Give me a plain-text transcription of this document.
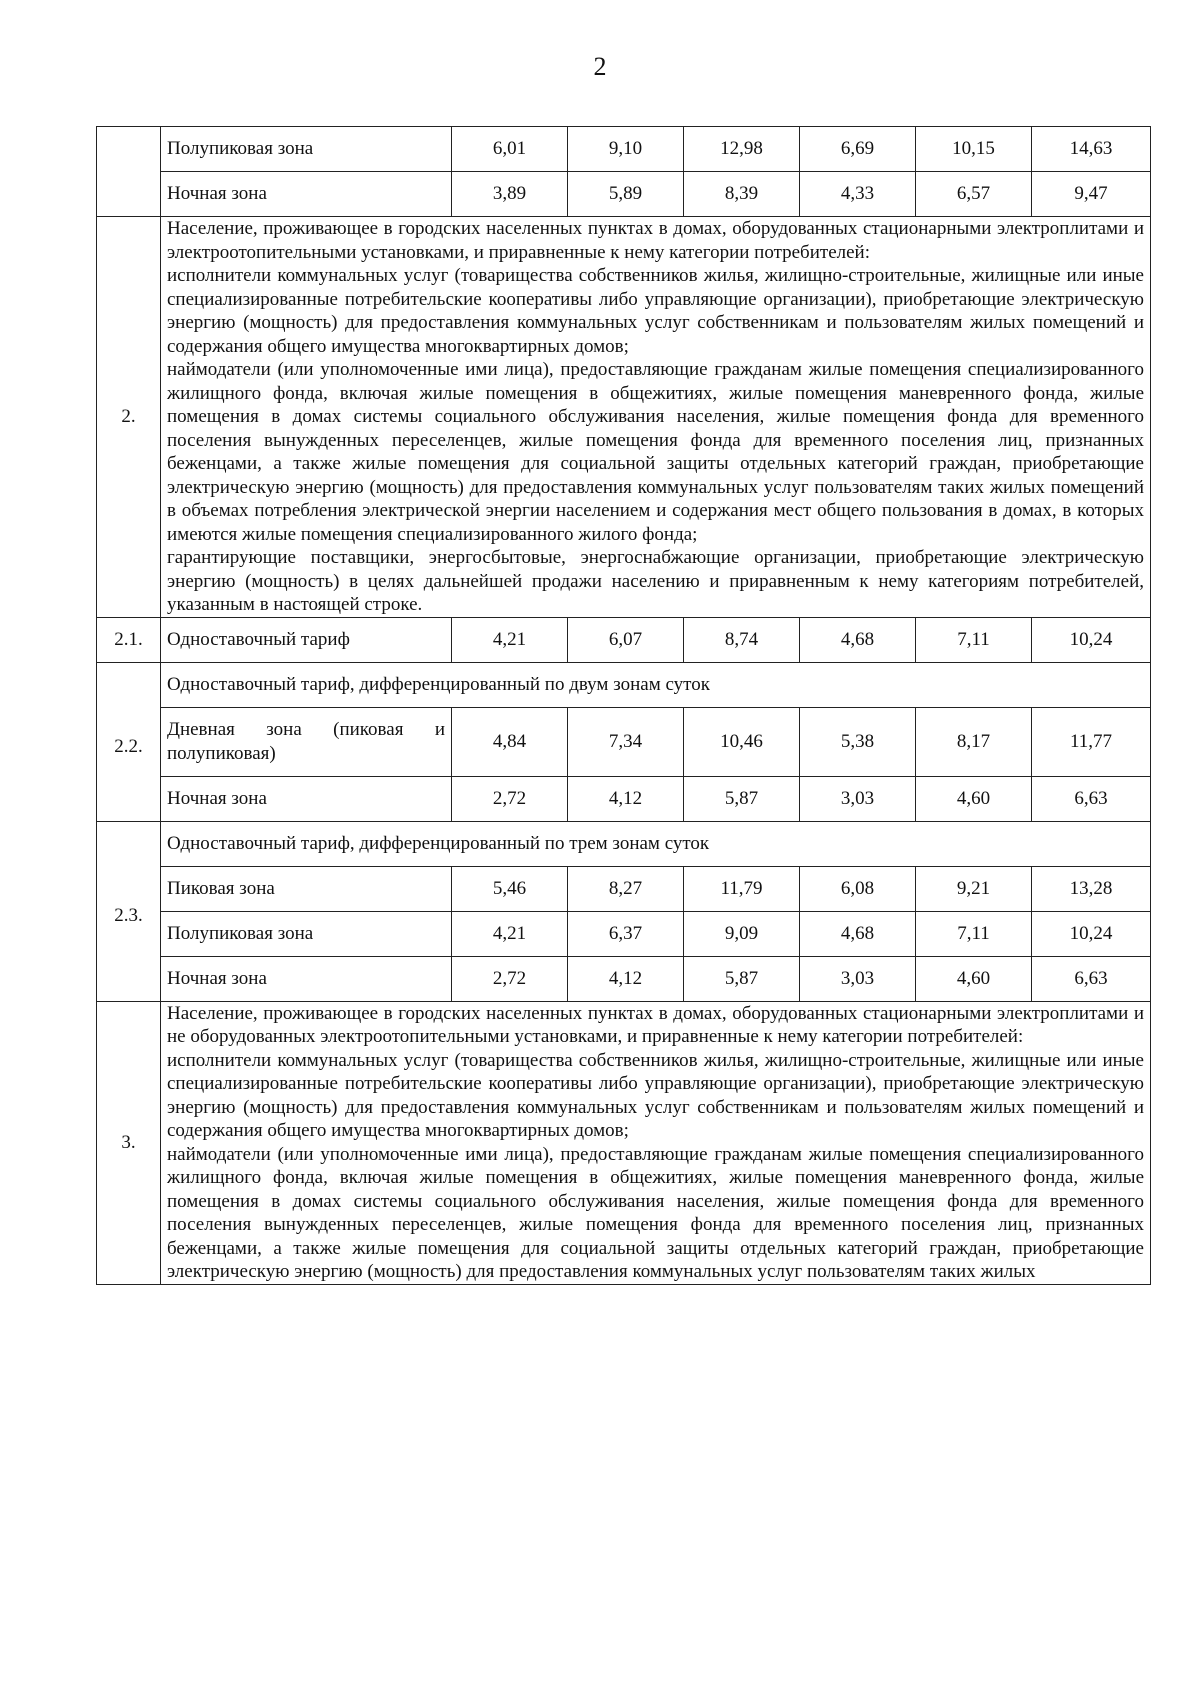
2
	Полупиковая зона	6,01	9,10	12,98	6,69	10,15	14,63
	Ночная зона	3,89	5,89	8,39	4,33	6,57	9,47
2.	Население, проживающее в городских населенных пунктах в домах, оборудованных стационарными электроплитами и электроотопительными установками, и приравненные к нему категории потребителей:

исполнители коммунальных услуг (товарищества собственников жилья, жилищно-строительные, жилищные или иные специализированные потребительские кооперативы либо управляющие организации), приобретающие электрическую энергию (мощность) для предоставления коммунальных услуг собственникам и пользователям жилых помещений и содержания общего имущества многоквартирных домов;

наймодатели (или уполномоченные ими лица), предоставляющие гражданам жилые помещения специализированного жилищного фонда, включая жилые помещения в общежитиях, жилые помещения маневренного фонда, жилые помещения в домах системы социального обслуживания населения, жилые помещения фонда для временного поселения вынужденных переселенцев, жилые помещения фонда для временного поселения лиц, признанных беженцами, а также жилые помещения для социальной защиты отдельных категорий граждан, приобретающие электрическую энергию (мощность) для предоставления коммунальных услуг пользователям таких жилых помещений в объемах потребления электрической энергии населением и содержания мест общего пользования в домах, в которых имеются жилые помещения специализированного жилого фонда;

гарантирующие поставщики, энергосбытовые, энергоснабжающие организации, приобретающие электрическую энергию (мощность) в целях дальнейшей продажи населению и приравненным к нему категориям потребителей, указанным в настоящей строке.						

2.1.	Одноставочный тариф	4,21	6,07	8,74	4,68	7,11	10,24
2.2.	Одноставочный тариф, дифференцированный по двум зонам суток						
	Дневная зона (пиковая и полупиковая)	4,84	7,34	10,46	5,38	8,17	11,77
	Ночная зона	2,72	4,12	5,87	3,03	4,60	6,63
2.3.	Одноставочный тариф, дифференцированный по трем зонам суток						
	Пиковая зона	5,46	8,27	11,79	6,08	9,21	13,28
	Полупиковая зона	4,21	6,37	9,09	4,68	7,11	10,24
	Ночная зона	2,72	4,12	5,87	3,03	4,60	6,63
3.	Население, проживающее в городских населенных пунктах в домах, оборудованных стационарными электроплитами и не оборудованных электроотопительными установками, и приравненные к нему категории потребителей:

исполнители коммунальных услуг (товарищества собственников жилья, жилищно-строительные, жилищные или иные специализированные потребительские кооперативы либо управляющие организации), приобретающие электрическую энергию (мощность) для предоставления коммунальных услуг собственникам и пользователям жилых помещений и содержания общего имущества многоквартирных домов;

наймодатели (или уполномоченные ими лица), предоставляющие гражданам жилые помещения специализированного жилищного фонда, включая жилые помещения в общежитиях, жилые помещения маневренного фонда, жилые помещения в домах системы социального обслуживания населения, жилые помещения фонда для временного поселения вынужденных переселенцев, жилые помещения фонда для временного поселения лиц, признанных беженцами, а также жилые помещения для социальной защиты отдельных категорий граждан, приобретающие электрическую энергию (мощность) для предоставления коммунальных услуг пользователям таких жилых						
